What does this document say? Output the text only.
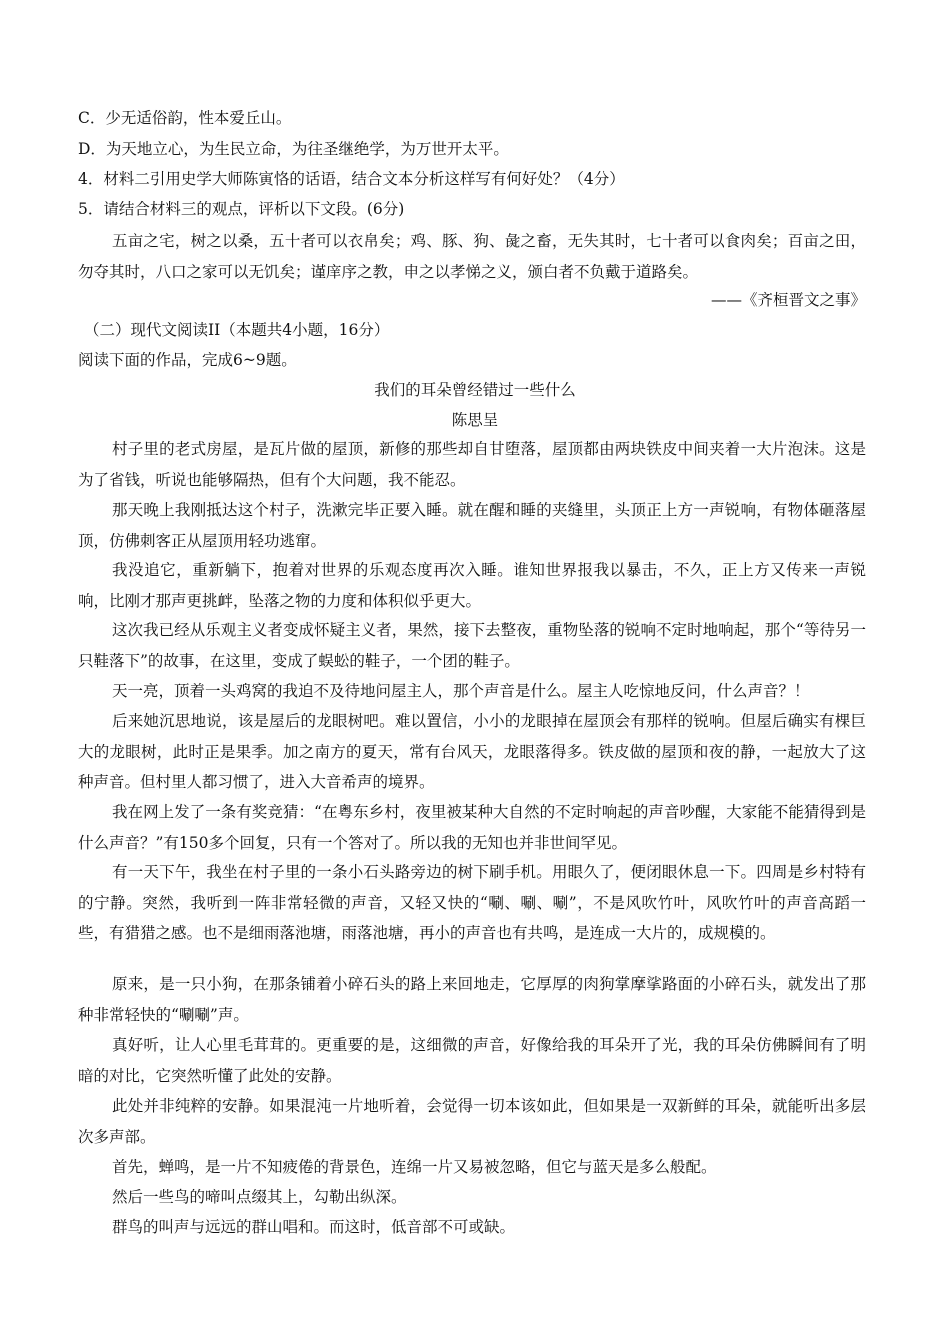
C．少无适俗韵，性本爱丘山。

D．为天地立心，为生民立命，为往圣继绝学，为万世开太平。

4．材料二引用史学大师陈寅恪的话语，结合文本分析这样写有何好处？（4分）

5．请结合材料三的观点，评析以下文段。(6分)

五亩之宅，树之以桑，五十者可以衣帛矣；鸡、豚、狗、彘之畜，无失其时，七十者可以食肉矣；百亩之田，勿夺其时，八口之家可以无饥矣；谨庠序之教，申之以孝悌之义，颁白者不负戴于道路矣。

——《齐桓晋文之事》

（二）现代文阅读II（本题共4小题，16分）

阅读下面的作品，完成6~9题。

我们的耳朵曾经错过一些什么

陈思呈

村子里的老式房屋，是瓦片做的屋顶，新修的那些却自甘堕落，屋顶都由两块铁皮中间夹着一大片泡沫。这是为了省钱，听说也能够隔热，但有个大问题，我不能忍。

那天晚上我刚抵达这个村子，洗漱完毕正要入睡。就在醒和睡的夹缝里，头顶正上方一声锐响，有物体砸落屋顶，仿佛刺客正从屋顶用轻功逃窜。

我没追它，重新躺下，抱着对世界的乐观态度再次入睡。谁知世界报我以暴击，不久，正上方又传来一声锐响，比刚才那声更挑衅，坠落之物的力度和体积似乎更大。

这次我已经从乐观主义者变成怀疑主义者，果然，接下去整夜，重物坠落的锐响不定时地响起，那个“等待另一只鞋落下”的故事，在这里，变成了蜈蚣的鞋子，一个团的鞋子。

天一亮，顶着一头鸡窝的我迫不及待地问屋主人，那个声音是什么。屋主人吃惊地反问，什么声音？！

后来她沉思地说，该是屋后的龙眼树吧。难以置信，小小的龙眼掉在屋顶会有那样的锐响。但屋后确实有棵巨大的龙眼树，此时正是果季。加之南方的夏天，常有台风天，龙眼落得多。铁皮做的屋顶和夜的静，一起放大了这种声音。但村里人都习惯了，进入大音希声的境界。

我在网上发了一条有奖竞猜：“在粤东乡村，夜里被某种大自然的不定时响起的声音吵醒，大家能不能猜得到是什么声音？”有150多个回复，只有一个答对了。所以我的无知也并非世间罕见。

有一天下午，我坐在村子里的一条小石头路旁边的树下刷手机。用眼久了，便闭眼休息一下。四周是乡村特有的宁静。突然，我听到一阵非常轻微的声音，又轻又快的“唰、唰、唰”，不是风吹竹叶，风吹竹叶的声音高蹈一些，有猎猎之感。也不是细雨落池塘，雨落池塘，再小的声音也有共鸣，是连成一大片的，成规模的。

原来，是一只小狗，在那条铺着小碎石头的路上来回地走，它厚厚的肉狗掌摩挲路面的小碎石头，就发出了那种非常轻快的“唰唰”声。

真好听，让人心里毛茸茸的。更重要的是，这细微的声音，好像给我的耳朵开了光，我的耳朵仿佛瞬间有了明暗的对比，它突然听懂了此处的安静。

此处并非纯粹的安静。如果混沌一片地听着，会觉得一切本该如此，但如果是一双新鲜的耳朵，就能听出多层次多声部。

首先，蝉鸣，是一片不知疲倦的背景色，连绵一片又易被忽略，但它与蓝天是多么般配。

然后一些鸟的啼叫点缀其上，勾勒出纵深。

群鸟的叫声与远远的群山唱和。而这时，低音部不可或缺。
